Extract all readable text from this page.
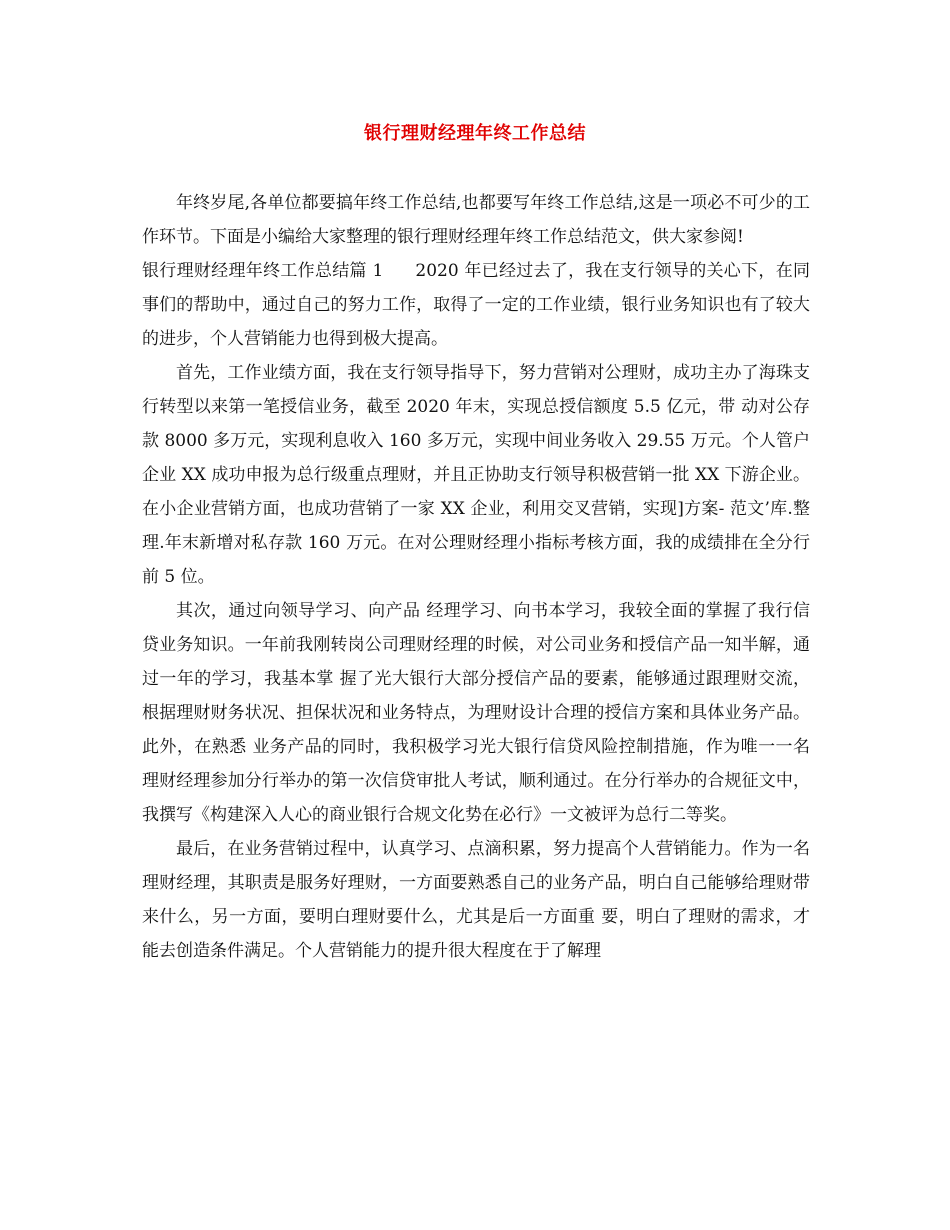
银行理财经理年终工作总结

年终岁尾,各单位都要搞年终工作总结,也都要写年终工作总结,这是一项必不可少的工作环节。下面是小编给大家整理的银行理财经理年终工作总结范文，供大家参阅!

银行理财经理年终工作总结篇 1 2020 年已经过去了，我在支行领导的关心下，在同事们的帮助中，通过自己的努力工作，取得了一定的工作业绩，银行业务知识也有了较大的进步，个人营销能力也得到极大提高。

首先，工作业绩方面，我在支行领导指导下，努力营销对公理财，成功主办了海珠支行转型以来第一笔授信业务，截至 2020 年末，实现总授信额度 5.5 亿元，带 动对公存款 8000 多万元，实现利息收入 160 多万元，实现中间业务收入 29.55 万元。个人管户企业 XX 成功申报为总行级重点理财，并且正协助支行领导积极营销一批 XX 下游企业。在小企业营销方面，也成功营销了一家 XX 企业，利用交叉营销，实现]方案- 范文’库.整理.年末新增对私存款 160 万元。在对公理财经理小指标考核方面，我的成绩排在全分行前 5 位。

其次，通过向领导学习、向产品 经理学习、向书本学习，我较全面的掌握了我行信贷业务知识。一年前我刚转岗公司理财经理的时候，对公司业务和授信产品一知半解，通过一年的学习，我基本掌 握了光大银行大部分授信产品的要素，能够通过跟理财交流，根据理财财务状况、担保状况和业务特点，为理财设计合理的授信方案和具体业务产品。此外，在熟悉 业务产品的同时，我积极学习光大银行信贷风险控制措施，作为唯一一名理财经理参加分行举办的第一次信贷审批人考试，顺利通过。在分行举办的合规征文中，我撰写《构建深入人心的商业银行合规文化势在必行》一文被评为总行二等奖。

最后，在业务营销过程中，认真学习、点滴积累，努力提高个人营销能力。作为一名理财经理，其职责是服务好理财，一方面要熟悉自己的业务产品，明白自己能够给理财带来什么，另一方面，要明白理财要什么，尤其是后一方面重 要，明白了理财的需求，才能去创造条件满足。个人营销能力的提升很大程度在于了解理
